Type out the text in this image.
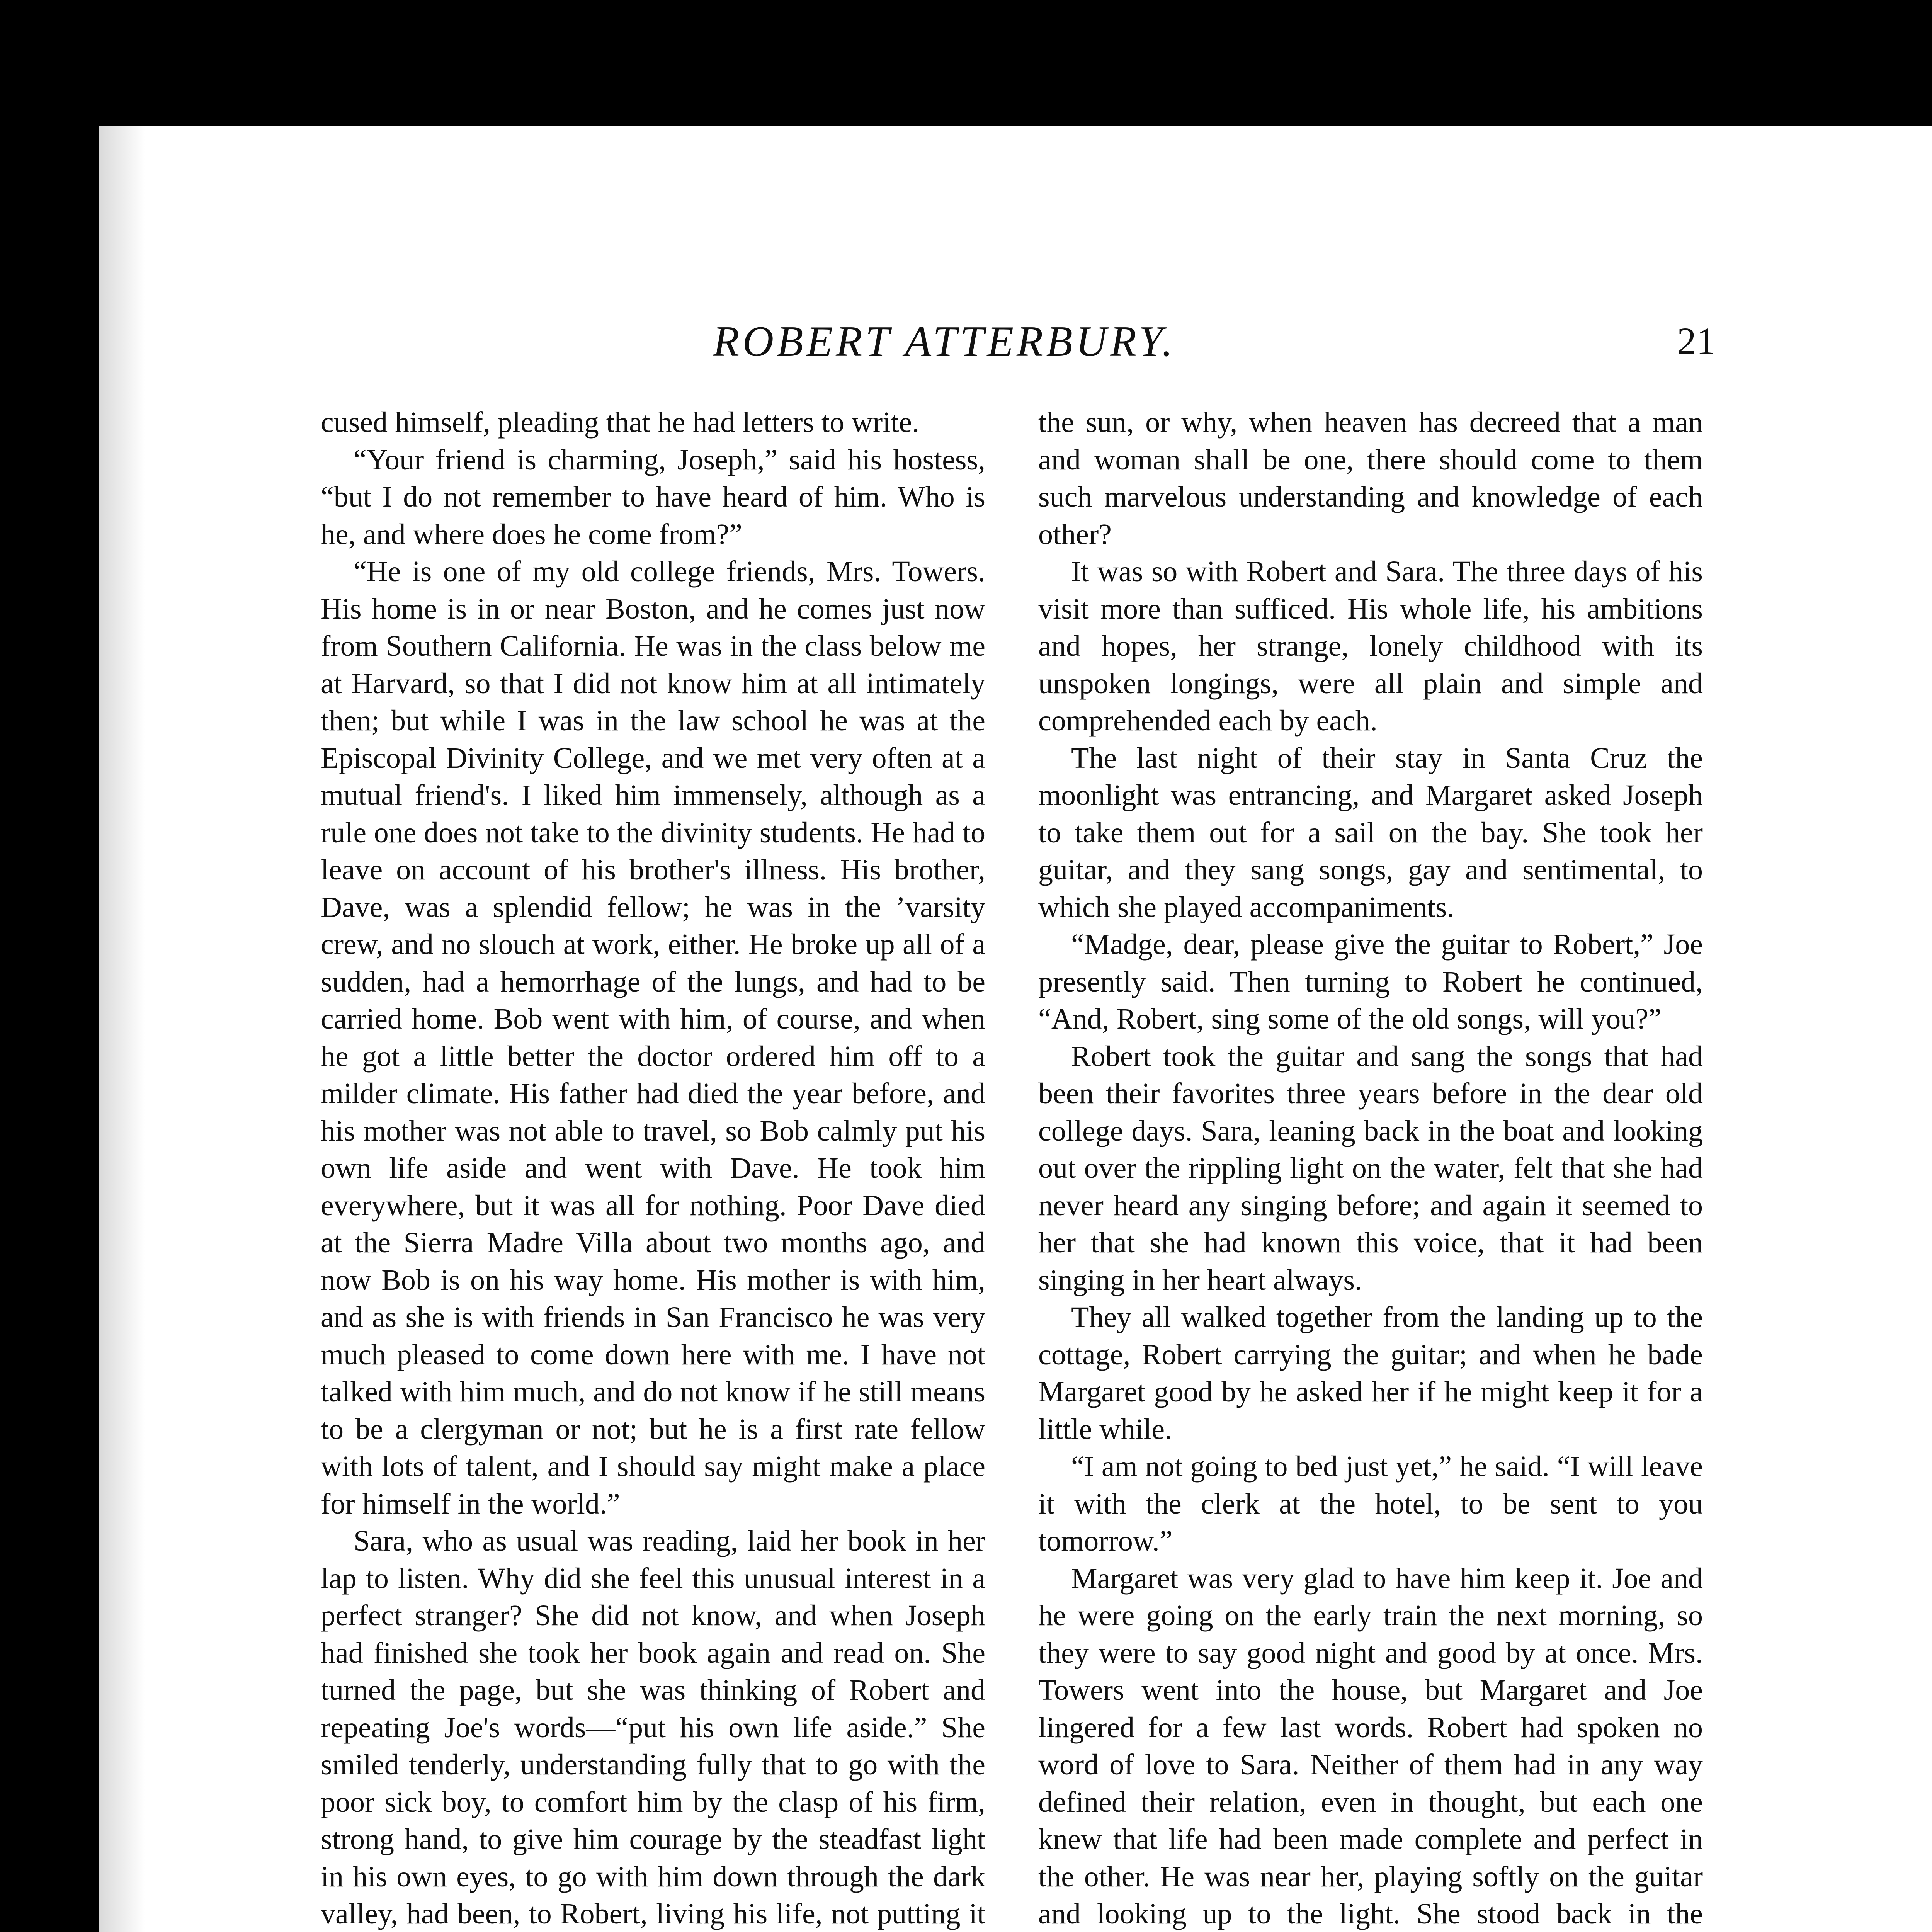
ROBERT ATTERBURY.	21

cused himself, pleading that he had letters to write.

“Your friend is charming, Joseph,” said his hostess, “but I do not remember to have heard of him. Who is he, and where does he come from?”

“He is one of my old college friends, Mrs. Towers. His home is in or near Boston, and he comes just now from Southern California. He was in the class below me at Harvard, so that I did not know him at all intimately then; but while I was in the law school he was at the Episcopal Divinity College, and we met very often at a mutual friend's. I liked him immensely, although as a rule one does not take to the divinity students. He had to leave on account of his brother's illness. His brother, Dave, was a splendid fellow; he was in the ’varsity crew, and no slouch at work, either. He broke up all of a sudden, had a hemorrhage of the lungs, and had to be carried home. Bob went with him, of course, and when he got a little better the doctor ordered him off to a milder climate. His father had died the year before, and his mother was not able to travel, so Bob calmly put his own life aside and went with Dave. He took him everywhere, but it was all for nothing. Poor Dave died at the Sierra Madre Villa about two months ago, and now Bob is on his way home. His mother is with him, and as she is with friends in San Francisco he was very much pleased to come down here with me. I have not talked with him much, and do not know if he still means to be a clergyman or not; but he is a first rate fellow with lots of talent, and I should say might make a place for himself in the world.”

Sara, who as usual was reading, laid her book in her lap to listen. Why did she feel this unusual interest in a perfect stranger? She did not know, and when Joseph had finished she took her book again and read on. She turned the page, but she was thinking of Robert and repeating Joe's words—“put his own life aside.” She smiled tenderly, understanding fully that to go with the poor sick boy, to comfort him by the clasp of his firm, strong hand, to give him courage by the steadfast light in his own eyes, to go with him down through the dark valley, had been, to Robert, living his life, not putting it

the sun, or why, when heaven has decreed that a man and woman shall be one, there should come to them such marvelous understanding and knowledge of each other?

It was so with Robert and Sara. The three days of his visit more than sufficed. His whole life, his ambitions and hopes, her strange, lonely childhood with its unspoken longings, were all plain and simple and comprehended each by each.

The last night of their stay in Santa Cruz the moonlight was entrancing, and Margaret asked Joseph to take them out for a sail on the bay. She took her guitar, and they sang songs, gay and sentimental, to which she played accompaniments.

“Madge, dear, please give the guitar to Robert,” Joe presently said. Then turning to Robert he continued, “And, Robert, sing some of the old songs, will you?”

Robert took the guitar and sang the songs that had been their favorites three years before in the dear old college days. Sara, leaning back in the boat and looking out over the rippling light on the water, felt that she had never heard any singing before; and again it seemed to her that she had known this voice, that it had been singing in her heart always.

They all walked together from the landing up to the cottage, Robert carrying the guitar; and when he bade Margaret good by he asked her if he might keep it for a little while.

“I am not going to bed just yet,” he said. “I will leave it with the clerk at the hotel, to be sent to you tomorrow.”

Margaret was very glad to have him keep it. Joe and he were going on the early train the next morning, so they were to say good night and good by at once. Mrs. Towers went into the house, but Margaret and Joe lingered for a few last words. Robert had spoken no word of love to Sara. Neither of them had in any way defined their relation, even in thought, but each one knew that life had been made complete and perfect in the other. He was near her, playing softly on the guitar and looking up to the light. She stood back in the
